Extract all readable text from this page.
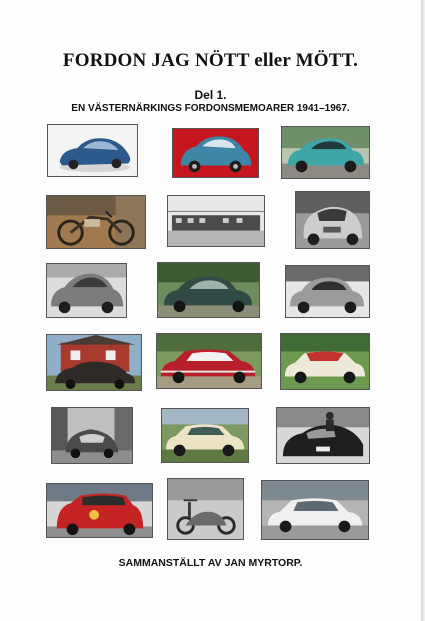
FORDON JAG NÖTT eller MÖTT.
Del 1.
EN VÄSTERNÄRKINGS FORDONSMEMOARER 1941–1967.
SAMMANSTÄLLT AV JAN MYRTORP.
